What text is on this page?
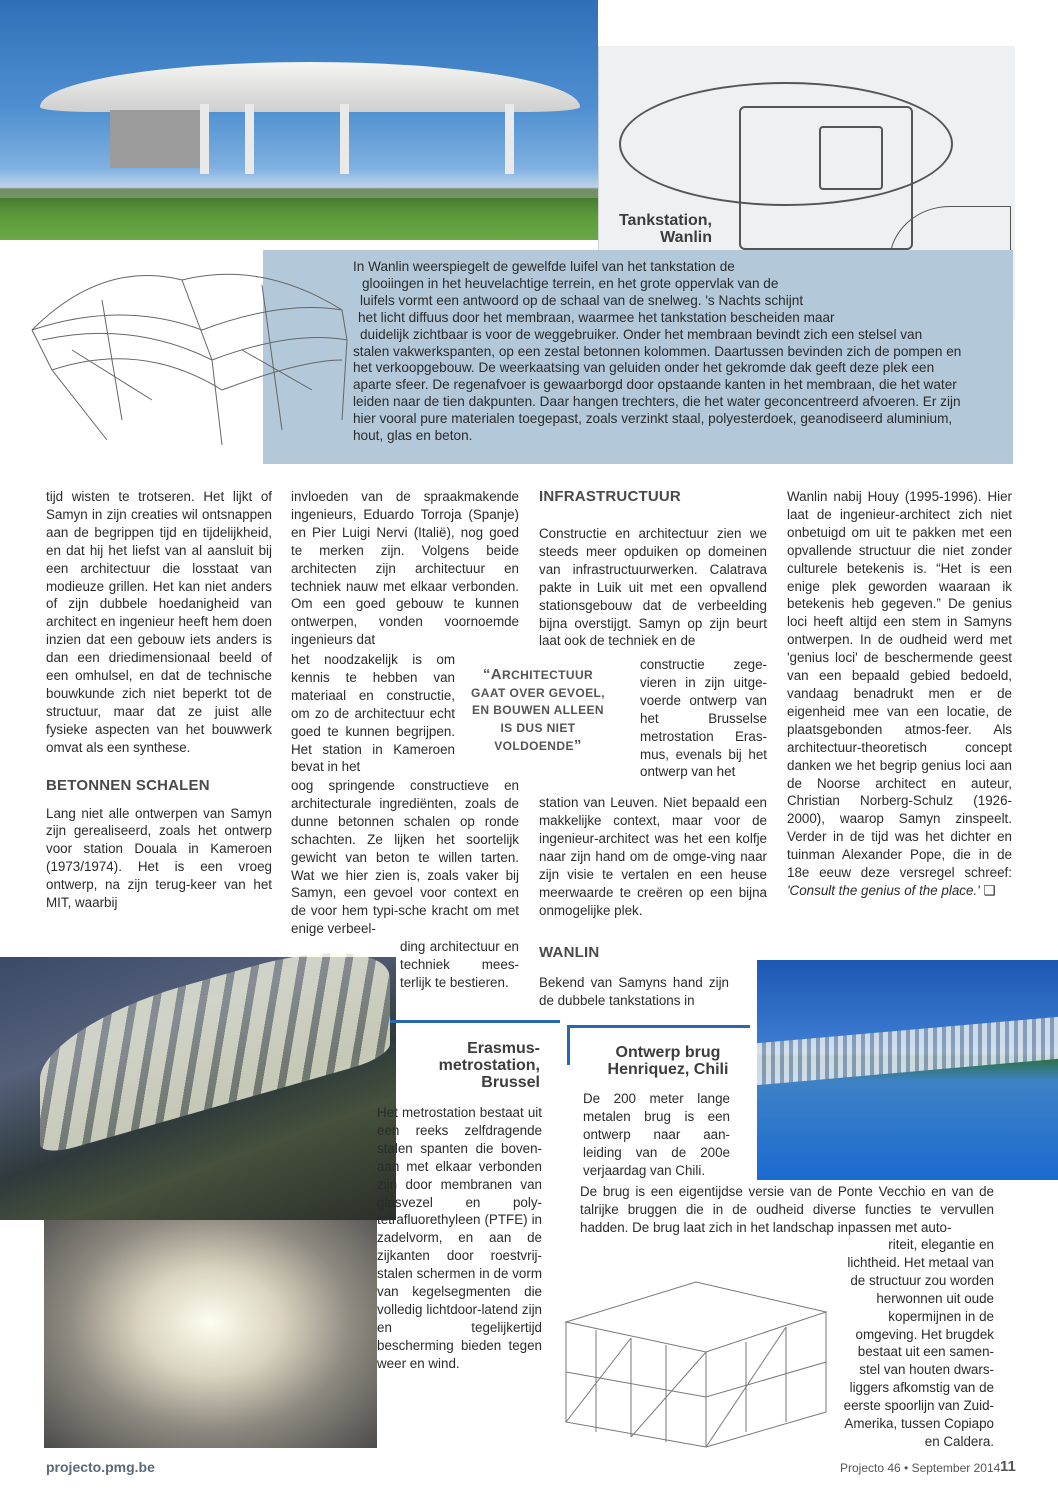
Tankstation,

Wanlin

In Wanlin weerspiegelt de gewelfde luifel van het tankstation de
glooiingen in het heuvelachtige terrein, en het grote oppervlak van de
luifels vormt een antwoord op de schaal van de snelweg. 's Nachts schijnt
het licht diffuus door het membraan, waarmee het tankstation bescheiden maar
duidelijk zichtbaar is voor de weggebruiker. Onder het membraan bevindt zich een stelsel van
stalen vakwerkspanten, op een zestal betonnen kolommen. Daartussen bevinden zich de pompen en
het verkoopgebouw. De weerkaatsing van geluiden onder het gekromde dak geeft deze plek een
aparte sfeer. De regenafvoer is gewaarborgd door opstaande kanten in het membraan, die het water
leiden naar de tien dakpunten. Daar hangen trechters, die het water geconcentreerd afvoeren. Er zijn
hier vooral pure materialen toegepast, zoals verzinkt staal, polyesterdoek, geanodiseerd aluminium,
hout, glas en beton.

tijd wisten te trotseren. Het lijkt of Samyn in zijn creaties wil ontsnappen aan de begrippen tijd en tijdelijkheid, en dat hij het liefst van al aansluit bij een architectuur die losstaat van modieuze grillen. Het kan niet anders of zijn dubbele hoedanigheid van architect en ingenieur heeft hem doen inzien dat een gebouw iets anders is dan een driedimensionaal beeld of een omhulsel, en dat de technische bouwkunde zich niet beperkt tot de structuur, maar dat ze juist alle fysieke aspecten van het bouwwerk omvat als een synthese.

BETONNEN SCHALEN

Lang niet alle ontwerpen van Samyn zijn gerealiseerd, zoals het ontwerp voor station Douala in Kameroen (1973/1974). Het is een vroeg ontwerp, na zijn terug-keer van het MIT, waarbij

invloeden van de spraakmakende ingenieurs, Eduardo Torroja (Spanje) en Pier Luigi Nervi (Italië), nog goed te merken zijn. Volgens beide architecten zijn architectuur en techniek nauw met elkaar verbonden. Om een goed gebouw te kunnen ontwerpen, vonden voornoemde ingenieurs dat

het noodzakelijk is om kennis te hebben van materiaal en constructie, om zo de architectuur echt goed te kunnen begrijpen. Het station in Kameroen bevat in het

oog springende constructieve en architecturale ingrediënten, zoals de dunne betonnen schalen op ronde schachten. Ze lijken het soortelijk gewicht van beton te willen tarten. Wat we hier zien is, zoals vaker bij Samyn, een gevoel voor context en de voor hem typi-sche kracht om met enige verbeel-

ding architectuur en techniek mees-terlijk te bestieren.

“ARCHITECTUUR
GAAT OVER GEVOEL,
EN BOUWEN ALLEEN
IS DUS NIET
VOLDOENDE”

INFRASTRUCTUUR

Constructie en architectuur zien we steeds meer opduiken op domeinen van infrastructuurwerken. Calatrava pakte in Luik uit met een opvallend stationsgebouw dat de verbeelding bijna overstijgt. Samyn op zijn beurt laat ook de techniek en de

constructie zege-vieren in zijn uitge-voerde ontwerp van het Brusselse metrostation Eras-mus, evenals bij het ontwerp van het

station van Leuven. Niet bepaald een makkelijke context, maar voor de ingenieur-architect was het een kolfje naar zijn hand om de omge-ving naar zijn visie te vertalen en een heuse meerwaarde te creëren op een bijna onmogelijke plek.

WANLIN

Bekend van Samyns hand zijn de dubbele tankstations in

Wanlin nabij Houy (1995-1996). Hier laat de ingenieur-architect zich niet onbetuigd om uit te pakken met een opvallende structuur die niet zonder culturele betekenis is. “Het is een enige plek geworden waaraan ik betekenis heb gegeven.” De genius loci heeft altijd een stem in Samyns ontwerpen. In de oudheid werd met 'genius loci' de beschermende geest van een bepaald gebied bedoeld, vandaag benadrukt men er de eigenheid mee van een locatie, de plaatsgebonden atmos-feer. Als architectuur-theoretisch concept danken we het begrip genius loci aan de Noorse architect en auteur, Christian Norberg-Schulz (1926-2000), waarop Samyn zinspeelt. Verder in de tijd was het dichter en tuinman Alexander Pope, die in de 18e eeuw deze versregel schreef: 'Consult the genius of the place.' ❑

Erasmus-

metrostation,

Brussel

Het metrostation bestaat uit een reeks zelfdragende stalen spanten die boven-aan met elkaar verbonden zijn door membranen van glasvezel en poly-tetrafluorethyleen (PTFE) in zadelvorm, en aan de zijkanten door roestvrij-stalen schermen in de vorm van kegelsegmenten die volledig lichtdoor-latend zijn en tegelijkertijd bescherming bieden tegen weer en wind.

Ontwerp brug

Henriquez, Chili

De 200 meter lange metalen brug is een ontwerp naar aan-leiding van de 200e verjaardag van Chili.

De brug is een eigentijdse versie van de Ponte Vecchio en van de talrijke bruggen die in de oudheid diverse functies te vervullen hadden. De brug laat zich in het landschap inpassen met auto-

riteit, elegantie en lichtheid. Het metaal van de structuur zou worden herwonnen uit oude kopermijnen in de omgeving. Het brugdek bestaat uit een samen-stel van houten dwars-liggers afkomstig van de eerste spoorlijn van Zuid-Amerika, tussen Copiapo en Caldera.

projecto.pmg.be	Projecto 46 • September 2014 11
